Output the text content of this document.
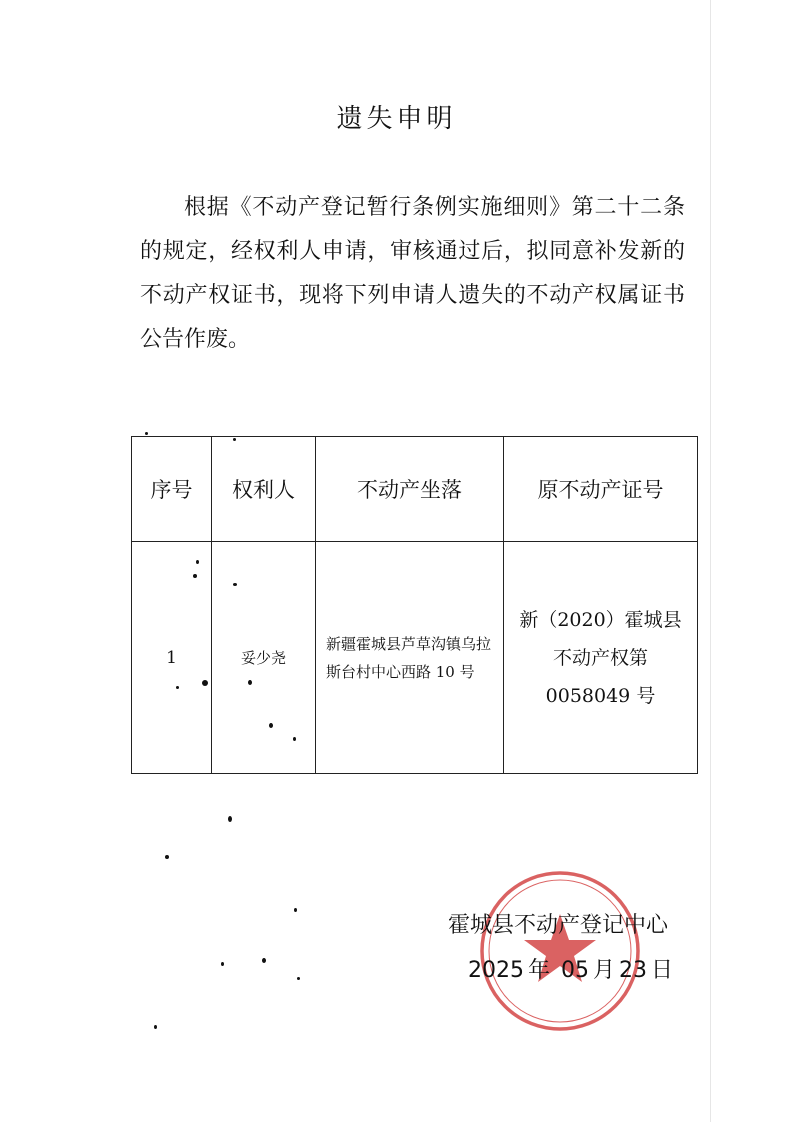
遗失申明
根据《不动产登记暂行条例实施细则》第二十二条的规定，经权利人申请，审核通过后，拟同意补发新的不动产权证书，现将下列申请人遗失的不动产权属证书公告作废。
序号	权利人	不动产坐落	原不动产证号
1	妥少尧	新疆霍城县芦草沟镇乌拉斯台村中心西路 10 号	新（2020）霍城县不动产权第 0058049 号
霍城县不动产登记中心
2025 年 05 月 23 日
